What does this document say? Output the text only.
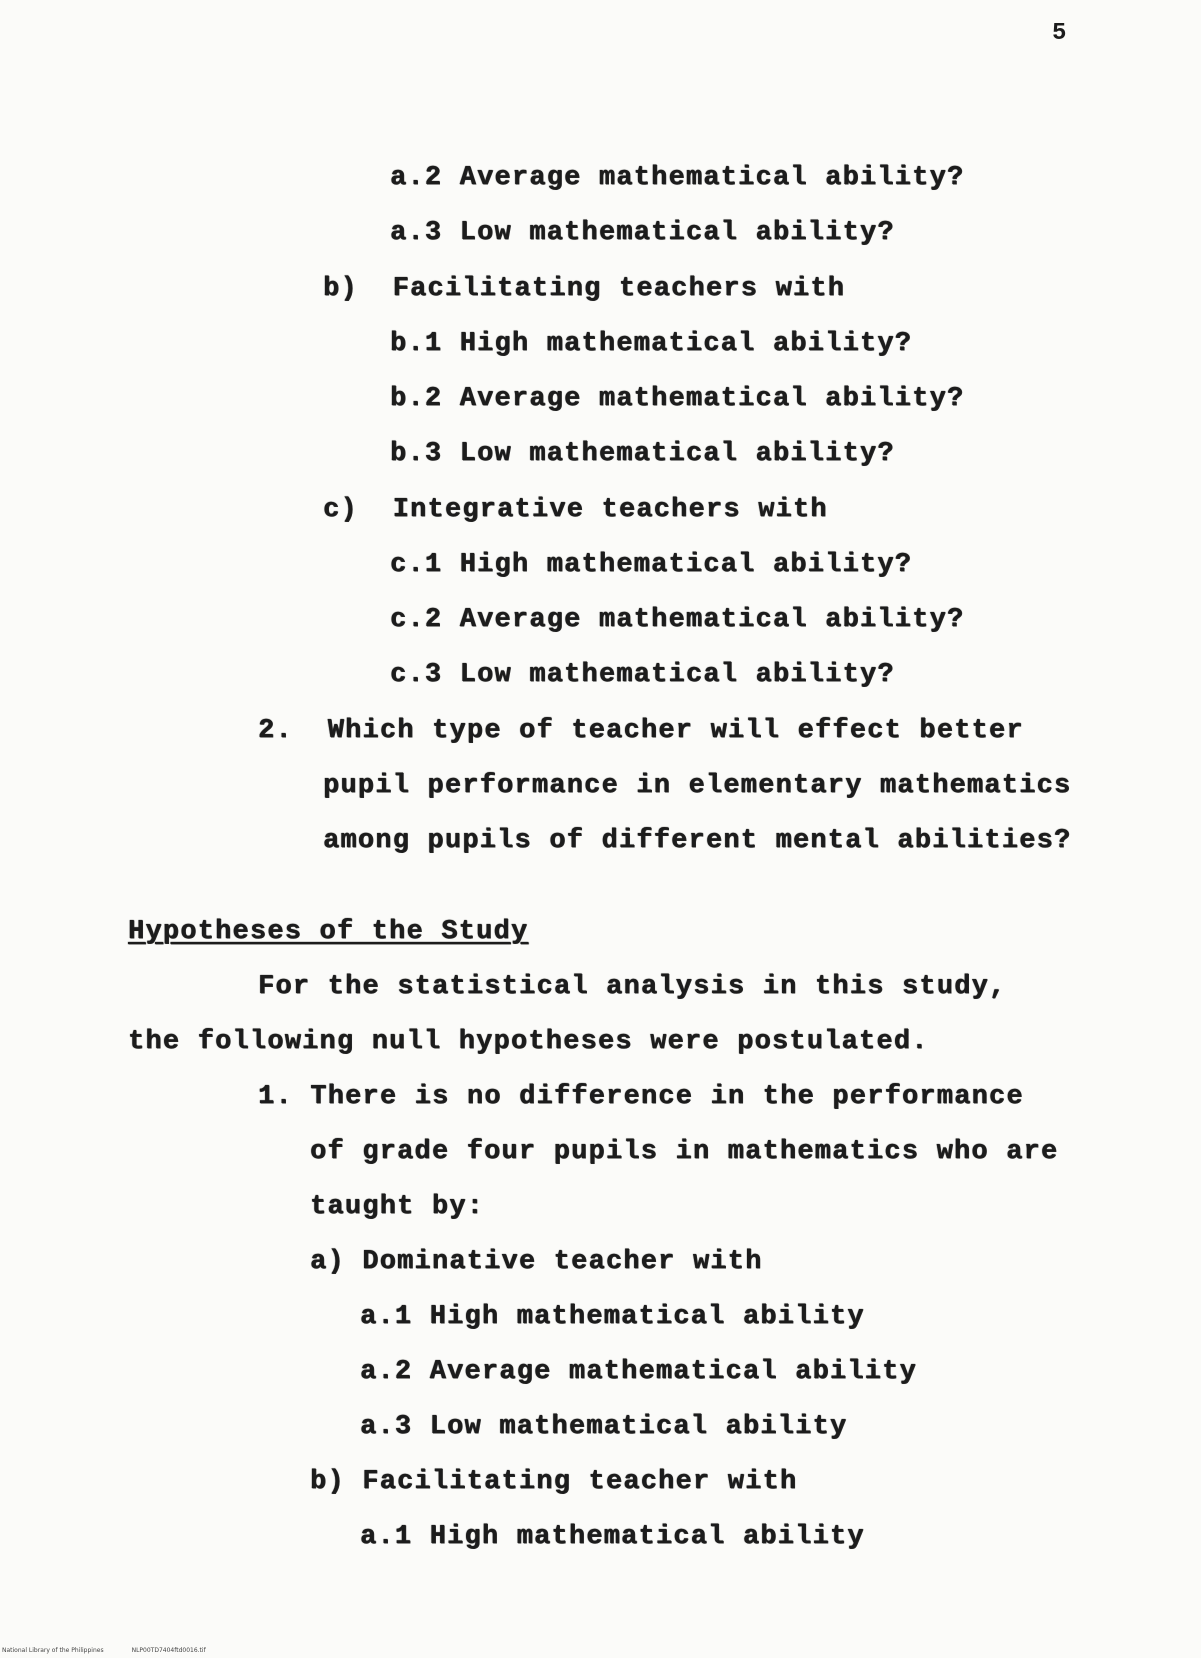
5
a.2 Average mathematical ability?
a.3 Low mathematical ability?
b)  Facilitating teachers with
b.1 High mathematical ability?
b.2 Average mathematical ability?
b.3 Low mathematical ability?
c)  Integrative teachers with
c.1 High mathematical ability?
c.2 Average mathematical ability?
c.3 Low mathematical ability?
2.  Which type of teacher will effect better
pupil performance in elementary mathematics
among pupils of different mental abilities?
Hypotheses of the Study
For the statistical analysis in this study,
the following null hypotheses were postulated.
1. There is no difference in the performance
of grade four pupils in mathematics who are
taught by:
a) Dominative teacher with
a.1 High mathematical ability
a.2 Average mathematical ability
a.3 Low mathematical ability
b) Facilitating teacher with
a.1 High mathematical ability
National Library of the Philippines	NLP00TD7404ftd0016.tif
